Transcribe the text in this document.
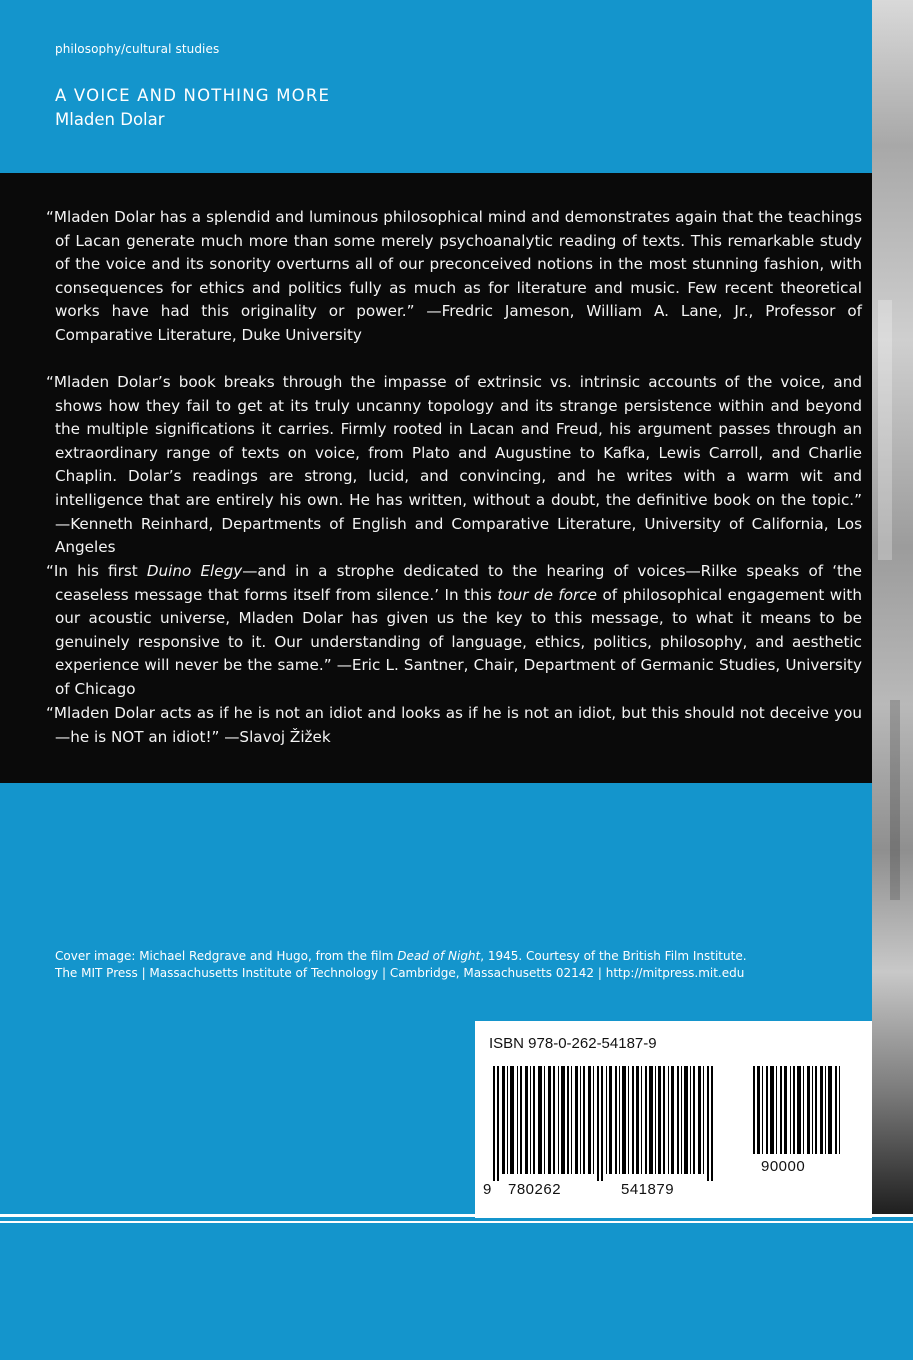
philosophy/cultural studies
A VOICE AND NOTHING MORE
Mladen Dolar

“Mladen Dolar has a splendid and luminous philosophical mind and demonstrates again that the teachings of Lacan generate much more than some merely psychoanalytic reading of texts. This remarkable study of the voice and its sonority overturns all of our preconceived notions in the most stunning fashion, with consequences for ethics and politics fully as much as for literature and music. Few recent theoretical works have had this originality or power.” —Fredric Jameson, William A. Lane, Jr., Professor of Comparative Literature, Duke University

“Mladen Dolar’s book breaks through the impasse of extrinsic vs. intrinsic accounts of the voice, and shows how they fail to get at its truly uncanny topology and its strange persistence within and beyond the multiple significations it carries. Firmly rooted in Lacan and Freud, his argument passes through an extraordinary range of texts on voice, from Plato and Augustine to Kafka, Lewis Carroll, and Charlie Chaplin. Dolar’s readings are strong, lucid, and convincing, and he writes with a warm wit and intelligence that are entirely his own. He has written, without a doubt, the definitive book on the topic.” —Kenneth Reinhard, Departments of English and Comparative Literature, University of California, Los Angeles

“In his first Duino Elegy—and in a strophe dedicated to the hearing of voices—Rilke speaks of ‘the ceaseless message that forms itself from silence.’ In this tour de force of philosophical engagement with our acoustic universe, Mladen Dolar has given us the key to this message, to what it means to be genuinely responsive to it. Our understanding of language, ethics, politics, philosophy, and aesthetic experience will never be the same.” —Eric L. Santner, Chair, Department of Germanic Studies, University of Chicago

“Mladen Dolar acts as if he is not an idiot and looks as if he is not an idiot, but this should not deceive you—he is NOT an idiot!” —Slavoj Žižek

Cover image: Michael Redgrave and Hugo, from the film Dead of Night, 1945. Courtesy of the British Film Institute.

The MIT Press | Massachusetts Institute of Technology | Cambridge, Massachusetts 02142 | http://mitpress.mit.edu

ISBN 978-0-262-54187-9
9 780262	541879
90000
